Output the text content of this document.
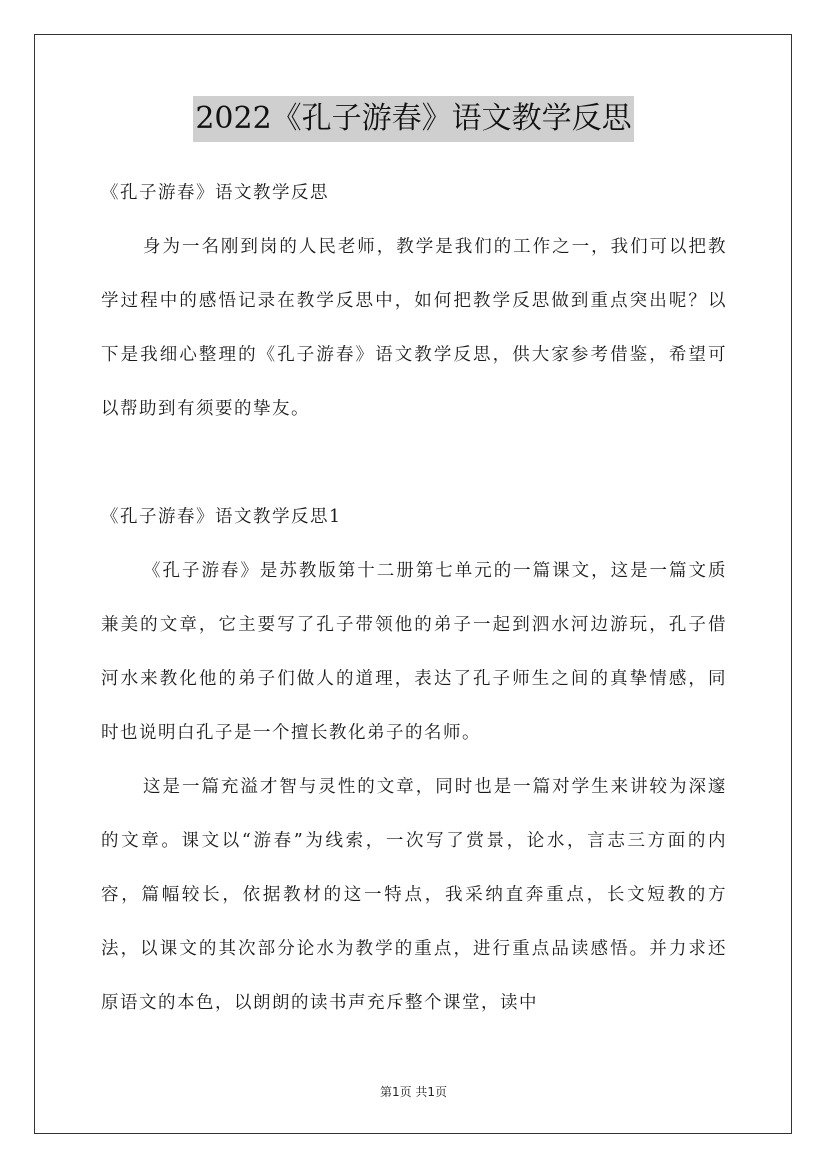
2022《孔子游春》语文教学反思

《孔子游春》语文教学反思

身为一名刚到岗的人民老师，教学是我们的工作之一，我们可以把教学过程中的感悟记录在教学反思中，如何把教学反思做到重点突出呢？以下是我细心整理的《孔子游春》语文教学反思，供大家参考借鉴，希望可以帮助到有须要的挚友。

《孔子游春》语文教学反思1

《孔子游春》是苏教版第十二册第七单元的一篇课文，这是一篇文质兼美的文章，它主要写了孔子带领他的弟子一起到泗水河边游玩，孔子借河水来教化他的弟子们做人的道理，表达了孔子师生之间的真挚情感，同时也说明白孔子是一个擅长教化弟子的名师。

这是一篇充溢才智与灵性的文章，同时也是一篇对学生来讲较为深邃的文章。课文以“游春”为线索，一次写了赏景，论水，言志三方面的内容，篇幅较长，依据教材的这一特点，我采纳直奔重点，长文短教的方法，以课文的其次部分论水为教学的重点，进行重点品读感悟。并力求还原语文的本色，以朗朗的读书声充斥整个课堂，读中

第1页 共1页
